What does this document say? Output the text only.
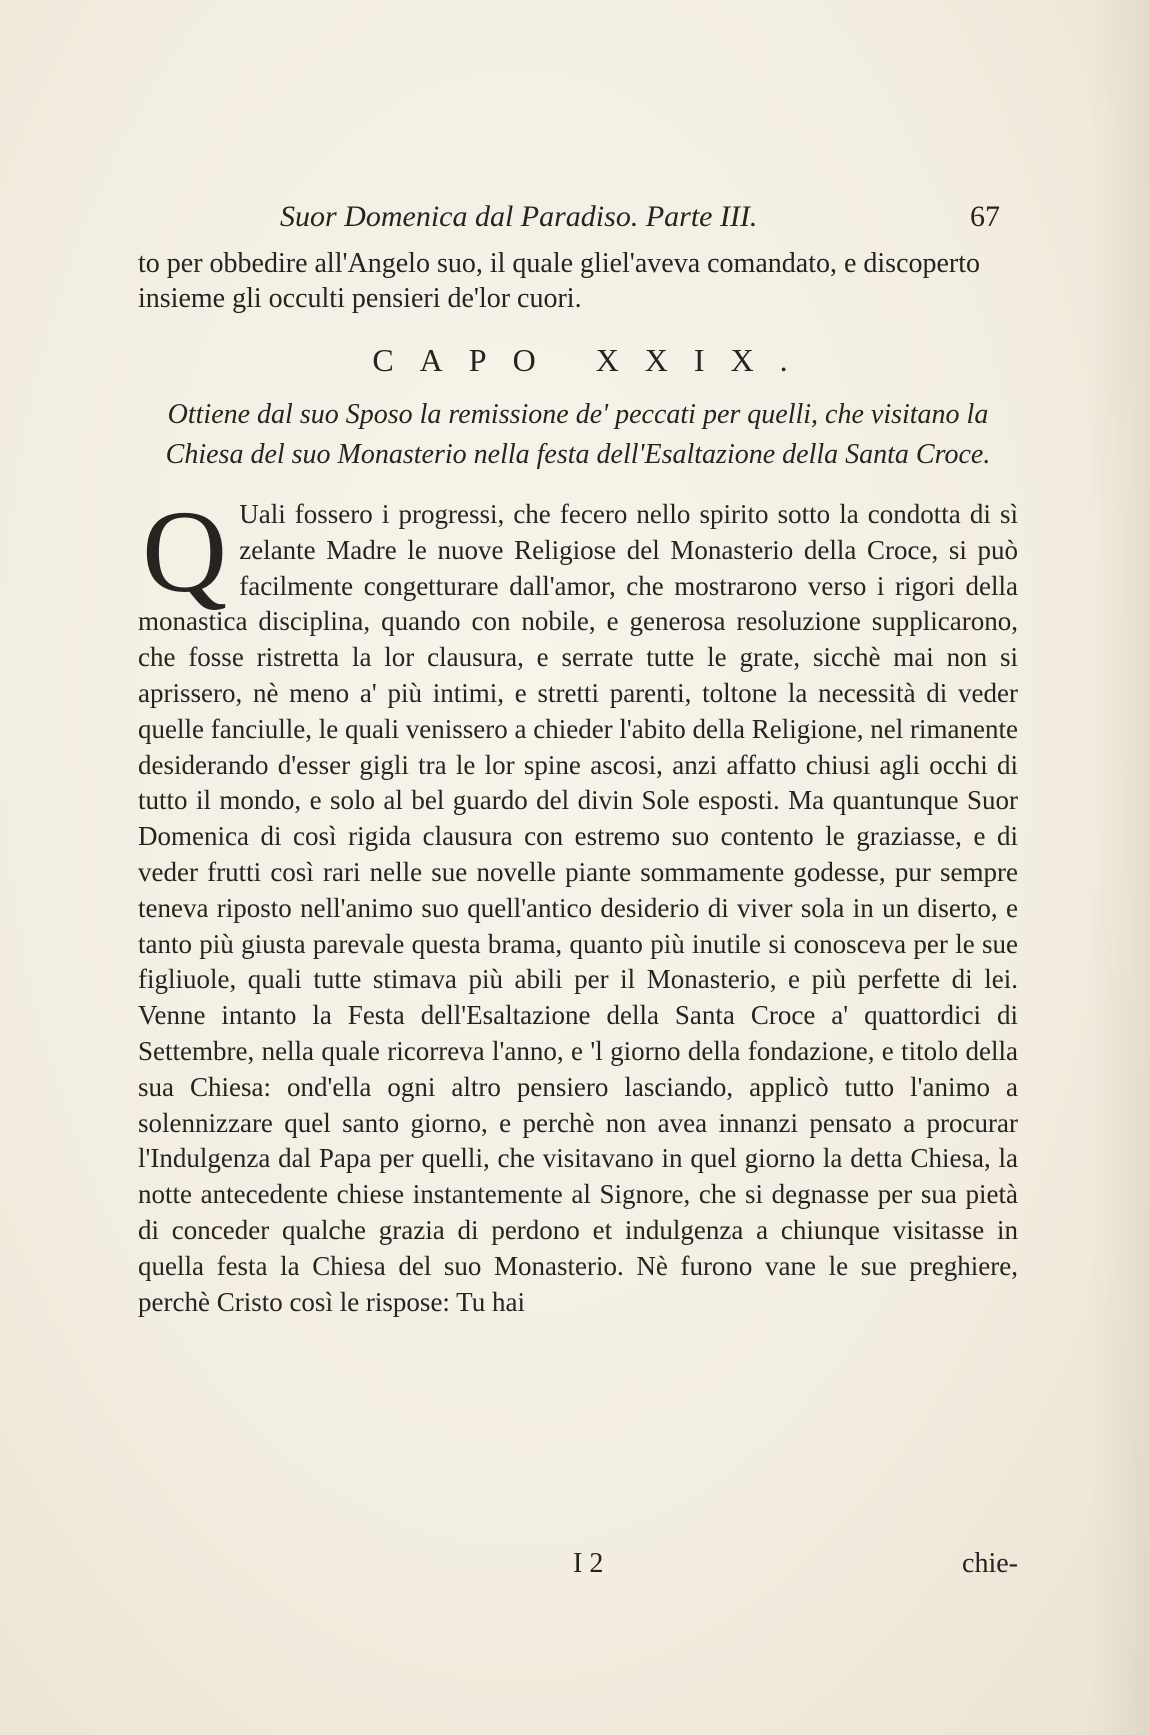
Suor Domenica dal Paradiso. Parte III.	67

to per obbedire all'Angelo suo, il quale gliel'aveva comandato, e discoperto insieme gli occulti pensieri de'lor cuori.

CAPO XXIX.

Ottiene dal suo Sposo la remissione de' peccati per quelli, che visitano la Chiesa del suo Monasterio nella festa dell'Esaltazione della Santa Croce.

Q Uali fossero i progressi, che fecero nello spirito sotto la condotta di sì zelante Madre le nuove Religiose del Monasterio della Croce, si può facilmente congetturare dall'amor, che mostrarono verso i rigori della monastica disciplina, quando con nobile, e generosa resoluzione supplicarono, che fosse ristretta la lor clausura, e serrate tutte le grate, sicchè mai non si aprissero, nè meno a' più intimi, e stretti parenti, toltone la necessità di veder quelle fanciulle, le quali venissero a chieder l'abito della Religione, nel rimanente desiderando d'esser gigli tra le lor spine ascosi, anzi affatto chiusi agli occhi di tutto il mondo, e solo al bel guardo del divin Sole esposti. Ma quantunque Suor Domenica di così rigida clausura con estremo suo contento le graziasse, e di veder frutti così rari nelle sue novelle piante sommamente godesse, pur sempre teneva riposto nell'animo suo quell'antico desiderio di viver sola in un diserto, e tanto più giusta parevale questa brama, quanto più inutile si conosceva per le sue figliuole, quali tutte stimava più abili per il Monasterio, e più perfette di lei. Venne intanto la Festa dell'Esaltazione della Santa Croce a' quattordici di Settembre, nella quale ricorreva l'anno, e 'l giorno della fondazione, e titolo della sua Chiesa: ond'ella ogni altro pensiero lasciando, applicò tutto l'animo a solennizzare quel santo giorno, e perchè non avea innanzi pensato a procurar l'Indulgenza dal Papa per quelli, che visitavano in quel giorno la detta Chiesa, la notte antecedente chiese instantemente al Signore, che si degnasse per sua pietà di conceder qualche grazia di perdono et indulgenza a chiunque visitasse in quella festa la Chiesa del suo Monasterio. Nè furono vane le sue preghiere, perchè Cristo così le rispose: Tu hai

I 2	chie-
